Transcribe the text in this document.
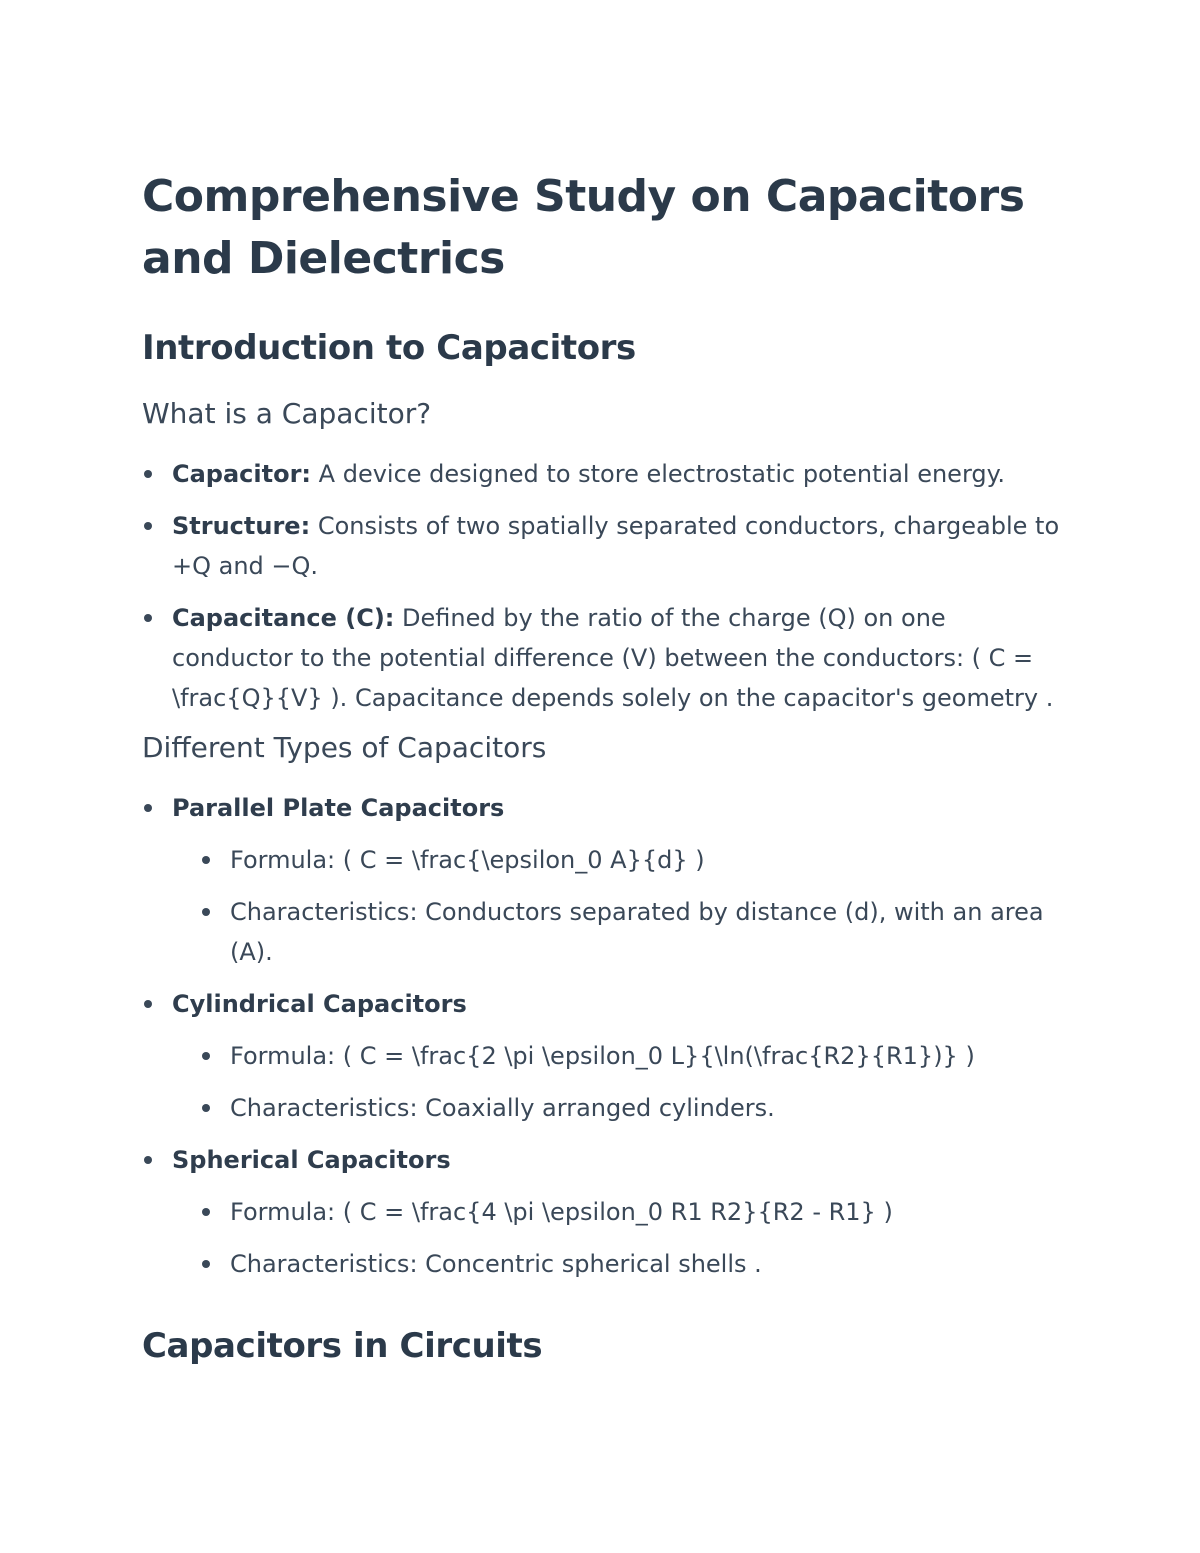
Comprehensive Study on Capacitors and Dielectrics
Introduction to Capacitors
What is a Capacitor?
Capacitor: A device designed to store electrostatic potential energy.
Structure: Consists of two spatially separated conductors, chargeable to +Q and −Q.
Capacitance (C): Defined by the ratio of the charge (Q) on one conductor to the potential difference (V) between the conductors: ( C = \frac{Q}{V} ). Capacitance depends solely on the capacitor's geometry .
Different Types of Capacitors
Parallel Plate Capacitors
Formula: ( C = \frac{\epsilon_0 A}{d} )
Characteristics: Conductors separated by distance (d), with an area (A).
Cylindrical Capacitors
Formula: ( C = \frac{2 \pi \epsilon_0 L}{\ln(\frac{R2}{R1})} )
Characteristics: Coaxially arranged cylinders.
Spherical Capacitors
Formula: ( C = \frac{4 \pi \epsilon_0 R1 R2}{R2 - R1} )
Characteristics: Concentric spherical shells .
Capacitors in Circuits
